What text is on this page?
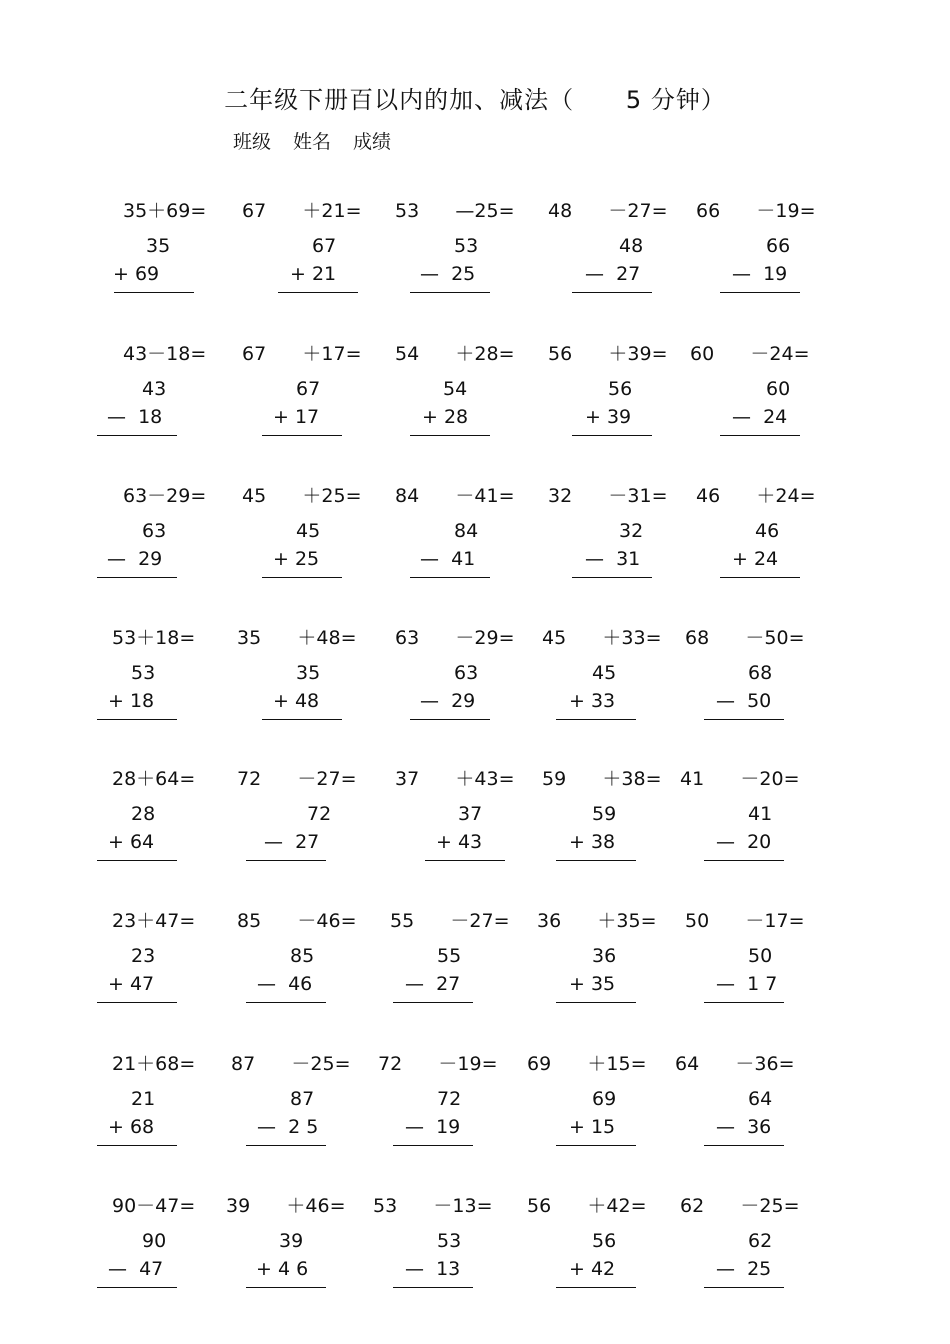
二年级下册百以内的加、减法（      5 分钟）
班级 姓名 成绩
35＋69=
35
+ 69
67      ＋21=
67
+ 21
53      —25=
53
—  25
48      －27=
48
—  27
66      －19=
66
—  19
43－18=
43
—  18
67      ＋17=
67
+ 17
54      ＋28=
54
+ 28
56      ＋39=
56
+ 39
60      －24=
60
—  24
63－29=
63
—  29
45      ＋25=
45
+ 25
84      －41=
84
—  41
32      －31=
32
—  31
46      ＋24=
46
+ 24
53＋18=
53
+ 18
35      ＋48=
35
+ 48
63      －29=
63
—  29
45      ＋33=
45
+ 33
68      －50=
68
—  50
28＋64=
28
+ 64
72      －27=
72
—  27
37      ＋43=
37
+ 43
59      ＋38=
59
+ 38
41      －20=
41
—  20
23＋47=
23
+ 47
85      －46=
85
—  46
55      －27=
55
—  27
36      ＋35=
36
+ 35
50      －17=
50
—  1 7
21＋68=
21
+ 68
87      －25=
87
—  2 5
72      －19=
72
—  19
69      ＋15=
69
+ 15
64      －36=
64
—  36
90－47=
90
—  47
39      ＋46=
39
+ 4 6
53      －13=
53
—  13
56      ＋42=
56
+ 42
62      －25=
62
—  25
